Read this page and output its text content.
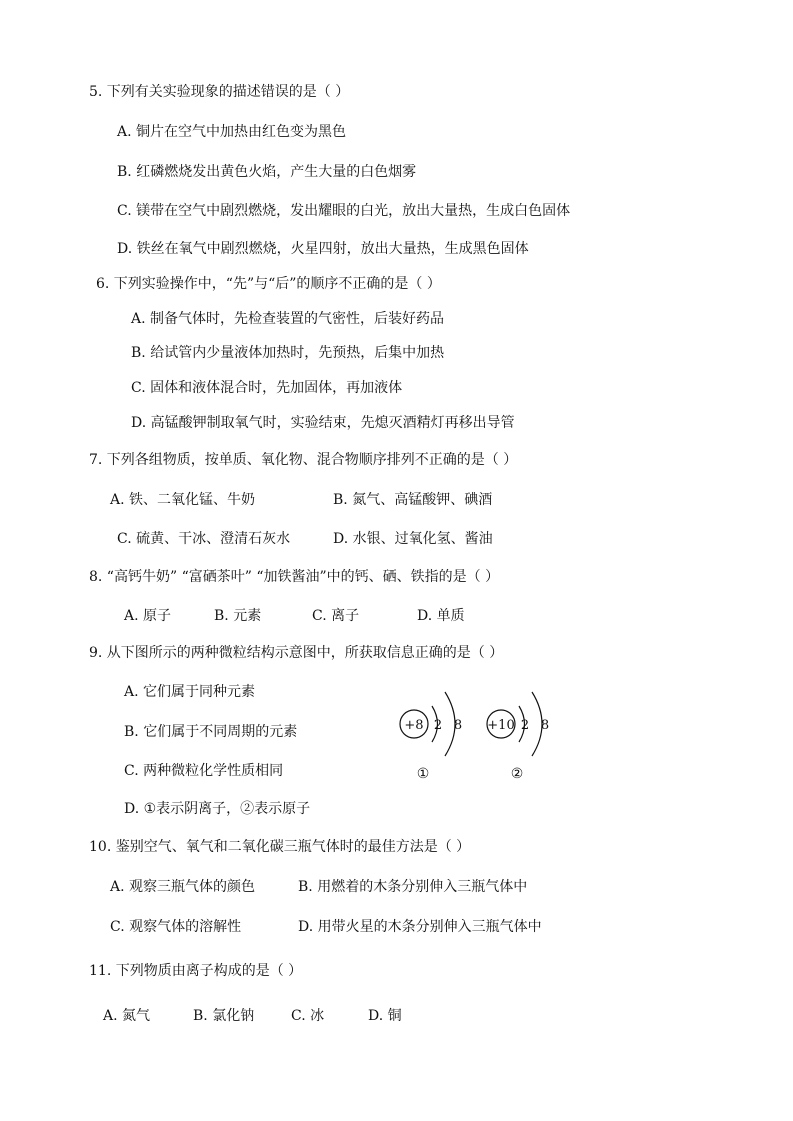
5. 下列有关实验现象的描述错误的是（ ）
A. 铜片在空气中加热由红色变为黑色
B. 红磷燃烧发出黄色火焰，产生大量的白色烟雾
C. 镁带在空气中剧烈燃烧，发出耀眼的白光，放出大量热，生成白色固体
D. 铁丝在氧气中剧烈燃烧，火星四射，放出大量热，生成黑色固体
6. 下列实验操作中，“先”与“后”的顺序不正确的是（ ）
A. 制备气体时，先检查装置的气密性，后装好药品
B. 给试管内少量液体加热时，先预热，后集中加热
C. 固体和液体混合时，先加固体，再加液体
D. 高锰酸钾制取氧气时，实验结束，先熄灭酒精灯再移出导管
7. 下列各组物质，按单质、氧化物、混合物顺序排列不正确的是（ ）
A. 铁、二氧化锰、牛奶	B. 氮气、高锰酸钾、碘酒
C. 硫黄、干冰、澄清石灰水	D. 水银、过氧化氢、酱油
8. “高钙牛奶” “富硒茶叶” “加铁酱油”中的钙、硒、铁指的是（ ）
A. 原子	B. 元素	C. 离子	D. 单质
9. 从下图所示的两种微粒结构示意图中，所获取信息正确的是（ ）
A. 它们属于同种元素
B. 它们属于不同周期的元素
C. 两种微粒化学性质相同
D. ①表示阴离子，②表示原子
+8 2 8
①
+10 2 8
②
10. 鉴别空气、氧气和二氧化碳三瓶气体时的最佳方法是（ ）
A. 观察三瓶气体的颜色	B. 用燃着的木条分别伸入三瓶气体中
C. 观察气体的溶解性	D. 用带火星的木条分别伸入三瓶气体中
11. 下列物质由离子构成的是（ ）
A. 氮气	B. 氯化钠	C. 冰	D. 铜
